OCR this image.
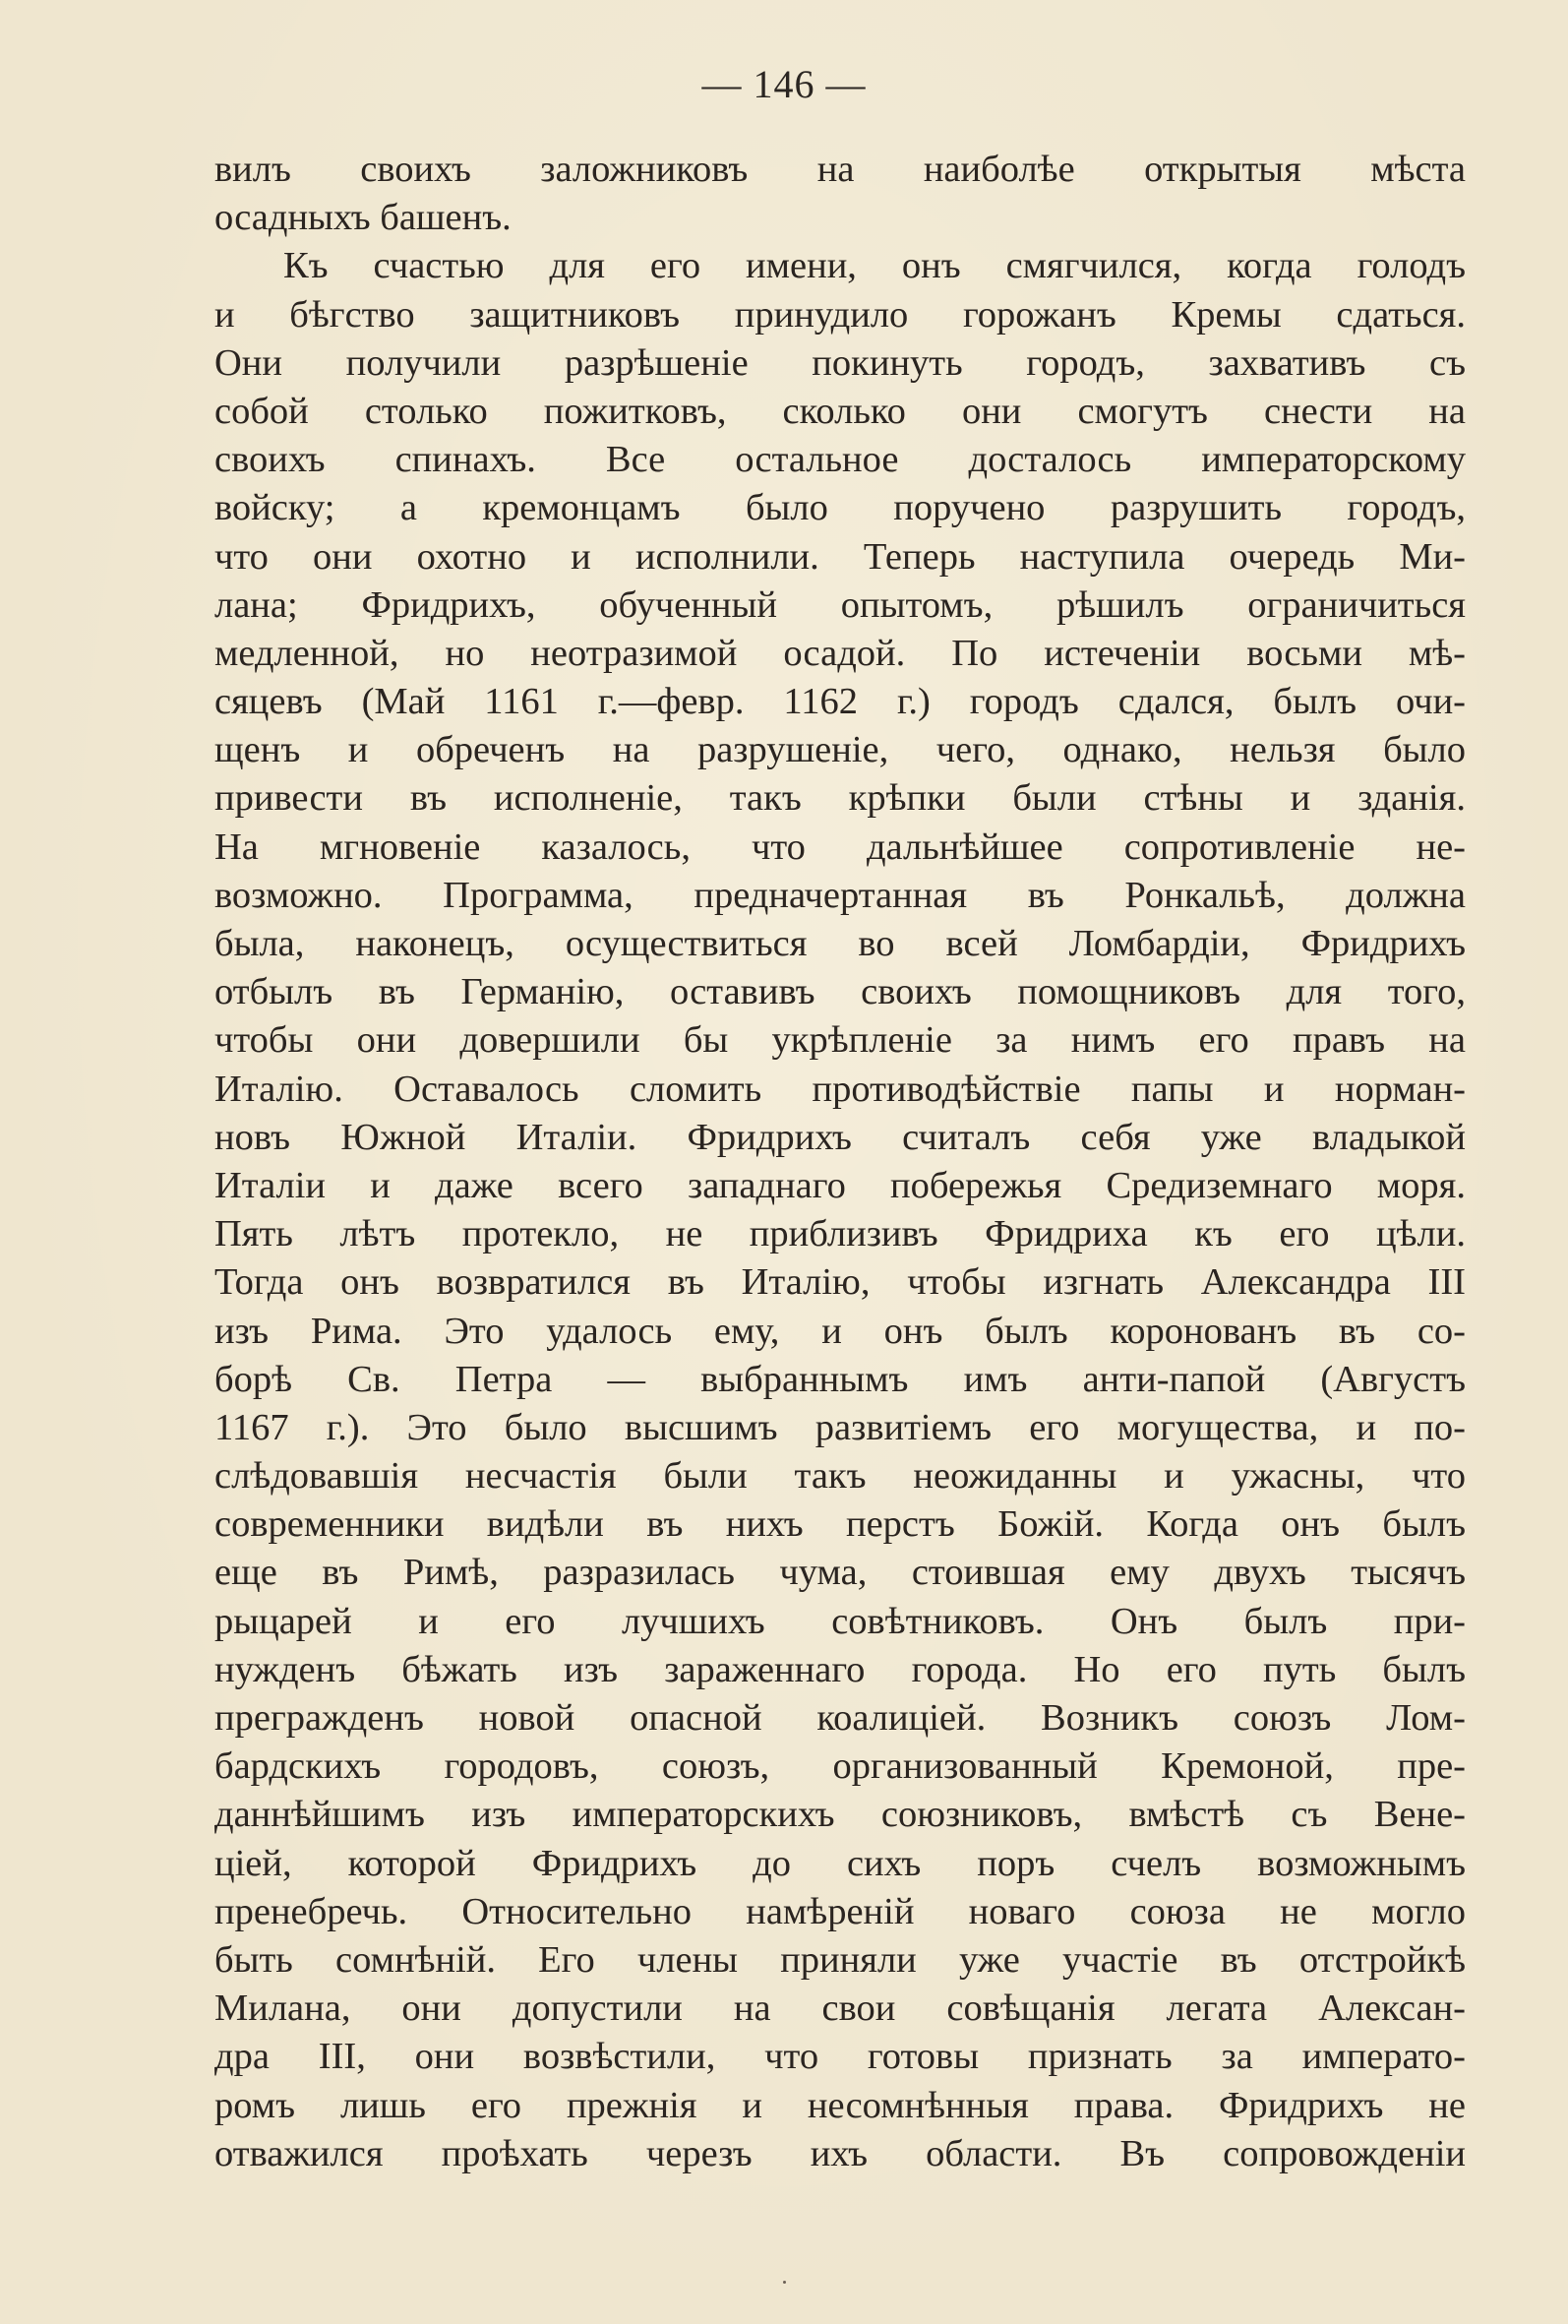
— 146 —
вилъ своихъ заложниковъ на наиболѣе открытыя мѣста
осадныхъ башенъ.
Къ счастью для его имени, онъ смягчился, когда голодъ
и бѣгство защитниковъ принудило горожанъ Кремы сдаться.
Они получили разрѣшеніе покинуть городъ, захвативъ съ
собой столько пожитковъ, сколько они смогутъ снести на
своихъ спинахъ. Все остальное досталось императорскому
войску; а кремонцамъ было поручено разрушить городъ,
что они охотно и исполнили. Теперь наступила очередь Ми-
лана; Фридрихъ, обученный опытомъ, рѣшилъ ограничиться
медленной, но неотразимой осадой. По истеченіи восьми мѣ-
сяцевъ (Май 1161 г.—февр. 1162 г.) городъ сдался, былъ очи-
щенъ и обреченъ на разрушеніе, чего, однако, нельзя было
привести въ исполненіе, такъ крѣпки были стѣны и зданія.
На мгновеніе казалось, что дальнѣйшее сопротивленіе не-
возможно. Программа, предначертанная въ Ронкальѣ, должна
была, наконецъ, осуществиться во всей Ломбардіи, Фридрихъ
отбылъ въ Германію, оставивъ своихъ помощниковъ для того,
чтобы они довершили бы укрѣпленіе за нимъ его правъ на
Италію. Оставалось сломить противодѣйствіе папы и норман-
новъ Южной Италіи. Фридрихъ считалъ себя уже владыкой
Италіи и даже всего западнаго побережья Средиземнаго моря.
Пять лѣтъ протекло, не приблизивъ Фридриха къ его цѣли.
Тогда онъ возвратился въ Италію, чтобы изгнать Александра III
изъ Рима. Это удалось ему, и онъ былъ коронованъ въ со-
борѣ Св. Петра — выбраннымъ имъ анти-папой (Августъ
1167 г.). Это было высшимъ развитіемъ его могущества, и по-
слѣдовавшія несчастія были такъ неожиданны и ужасны, что
современники видѣли въ нихъ перстъ Божій. Когда онъ былъ
еще въ Римѣ, разразилась чума, стоившая ему двухъ тысячъ
рыцарей и его лучшихъ совѣтниковъ. Онъ былъ при-
нужденъ бѣжать изъ зараженнаго города. Но его путь былъ
прегражденъ новой опасной коалиціей. Возникъ союзъ Лом-
бардскихъ городовъ, союзъ, организованный Кремоной, пре-
даннѣйшимъ изъ императорскихъ союзниковъ, вмѣстѣ съ Вене-
ціей, которой Фридрихъ до сихъ поръ счелъ возможнымъ
пренебречь. Относительно намѣреній новаго союза не могло
быть сомнѣній. Его члены приняли уже участіе въ отстройкѣ
Милана, они допустили на свои совѣщанія легата Алексан-
дра III, они возвѣстили, что готовы признать за императо-
ромъ лишь его прежнія и несомнѣнныя права. Фридрихъ не
отважился проѣхать черезъ ихъ области. Въ сопровожденіи
